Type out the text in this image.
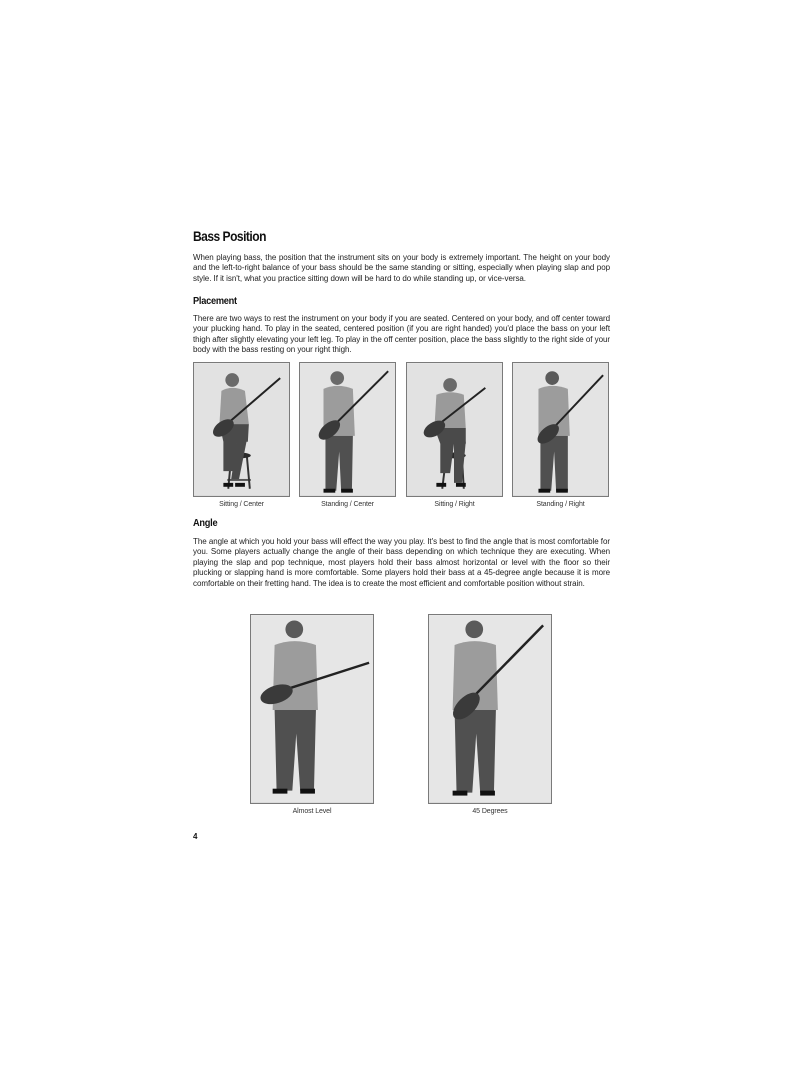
Bass Position

When playing bass, the position that the instrument sits on your body is extremely important. The height on your body and the left-to-right balance of your bass should be the same standing or sitting, especially when playing slap and pop style. If it isn't, what you practice sitting down will be hard to do while standing up, or vice-versa.

Placement

There are two ways to rest the instrument on your body if you are seated. Centered on your body, and off center toward your plucking hand. To play in the seated, centered position (if you are right handed) you'd place the bass on your left thigh after slightly elevating your left leg. To play in the off center position, place the bass slightly to the right side of your body with the bass resting on your right thigh.

Sitting / Center	Standing / Center	Sitting / Right	Standing / Right
Angle

The angle at which you hold your bass will effect the way you play. It's best to find the angle that is most comfortable for you. Some players actually change the angle of their bass depending on which technique they are executing. When playing the slap and pop technique, most players hold their bass almost horizontal or level with the floor so their plucking or slapping hand is more comfortable. Some players hold their bass at a 45-degree angle because it is more comfortable on their fretting hand. The idea is to create the most efficient and comfortable position without strain.

Almost Level	45 Degrees
4
